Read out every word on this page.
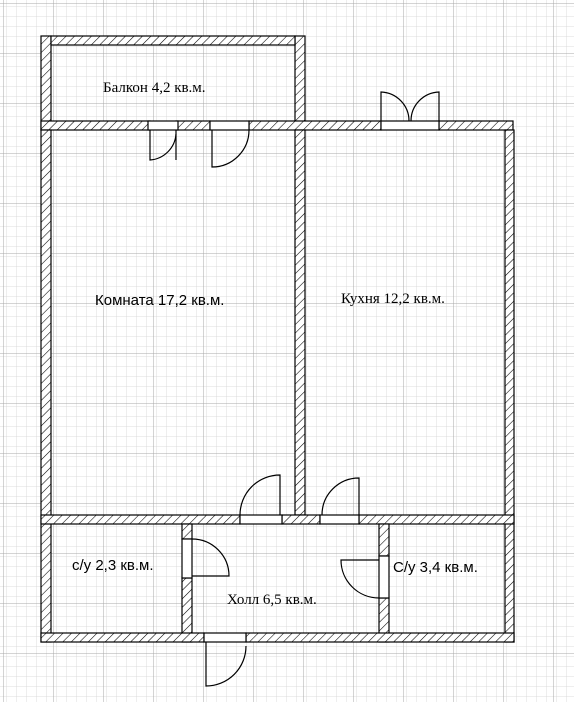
Балкон 4,2 кв.м.
Комната 17,2 кв.м.	Кухня 12,2 кв.м.
с/у 2,3 кв.м.
Холл 6,5 кв.м.
С/у 3,4 кв.м.
